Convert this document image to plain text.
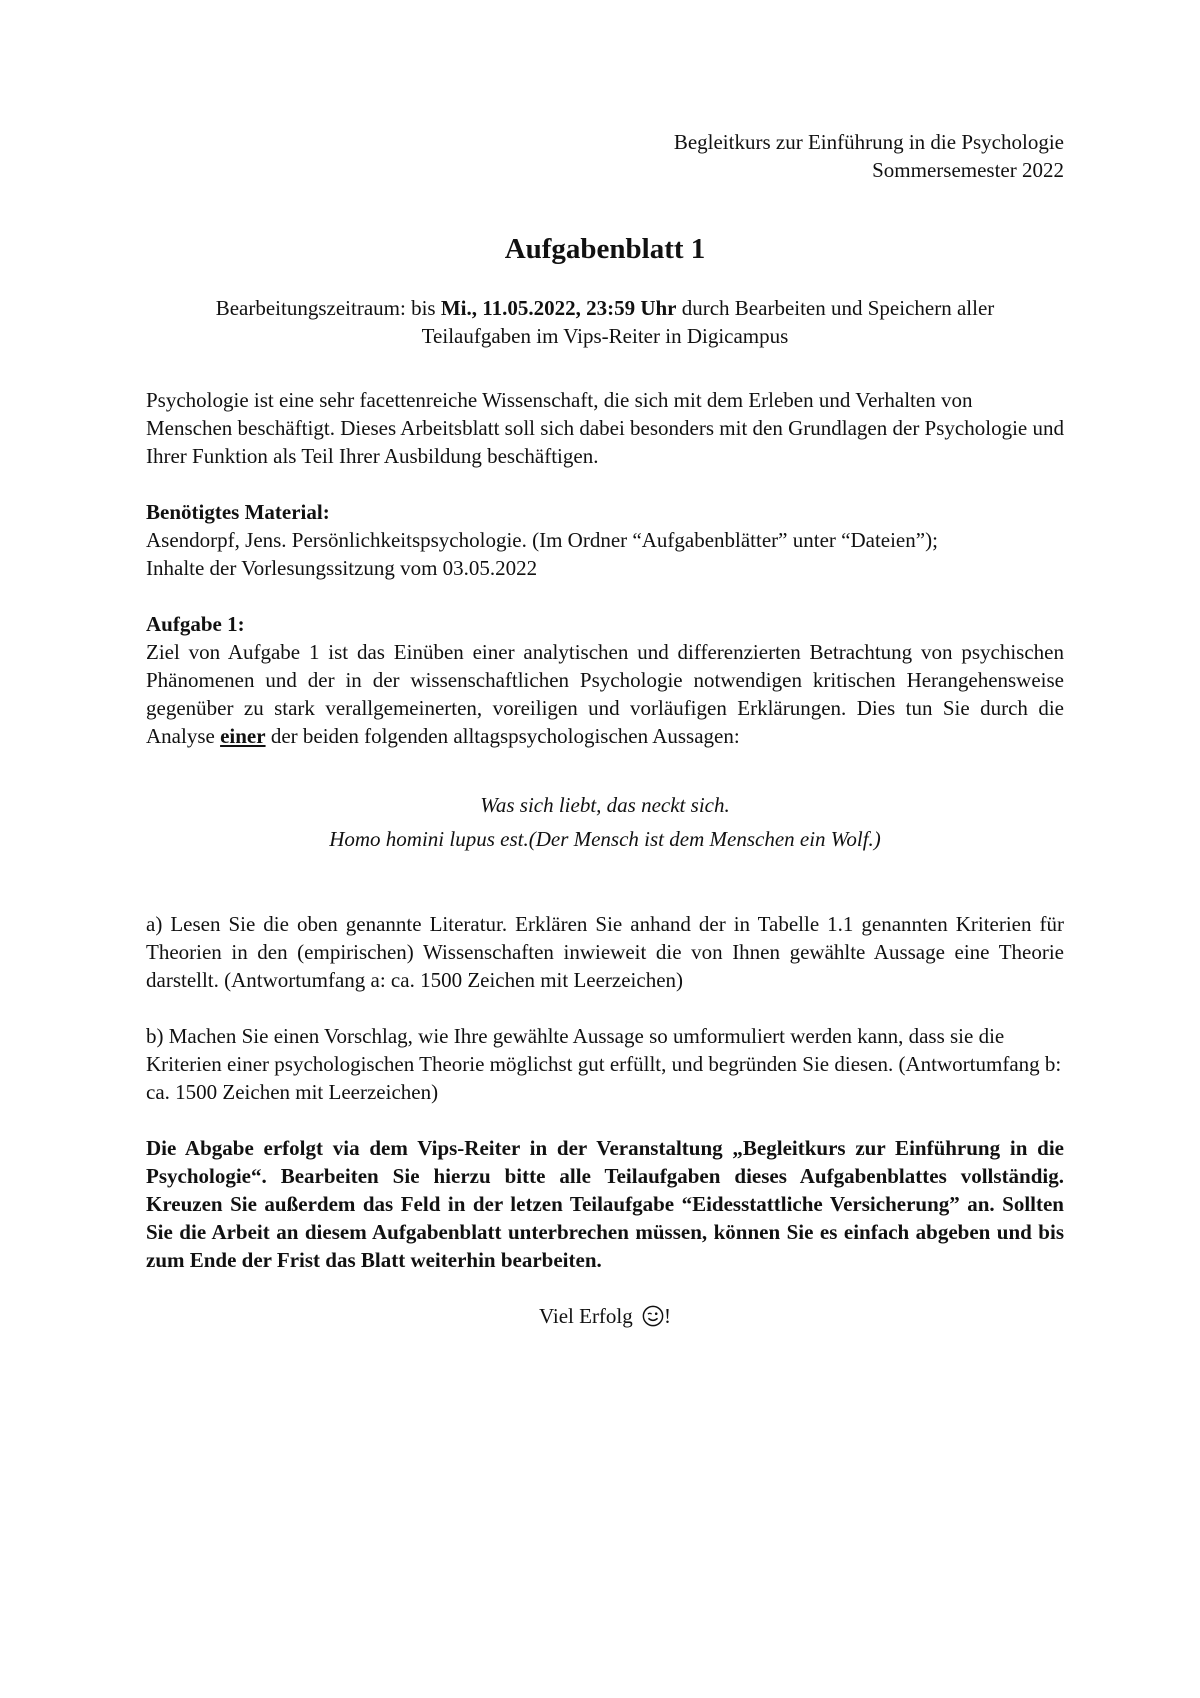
Begleitkurs zur Einführung in die Psychologie
Sommersemester 2022
Aufgabenblatt 1
Bearbeitungszeitraum: bis Mi., 11.05.2022, 23:59 Uhr durch Bearbeiten und Speichern aller
Teilaufgaben im Vips-Reiter in Digicampus

Psychologie ist eine sehr facettenreiche Wissenschaft, die sich mit dem Erleben und Verhalten von Menschen beschäftigt. Dieses Arbeitsblatt soll sich dabei besonders mit den Grundlagen der Psychologie und Ihrer Funktion als Teil Ihrer Ausbildung beschäftigen.

Benötigtes Material:

Asendorpf, Jens. Persönlichkeitspsychologie. (Im Ordner “Aufgabenblätter” unter “Dateien”);

Inhalte der Vorlesungssitzung vom 03.05.2022

Aufgabe 1:

Ziel von Aufgabe 1 ist das Einüben einer analytischen und differenzierten Betrachtung von psychischen Phänomenen und der in der wissenschaftlichen Psychologie notwendigen kritischen Herangehensweise gegenüber zu stark verallgemeinerten, voreiligen und vorläufigen Erklärungen. Dies tun Sie durch die Analyse einer der beiden folgenden alltagspsychologischen Aussagen:

Was sich liebt, das neckt sich.
Homo homini lupus est.(Der Mensch ist dem Menschen ein Wolf.)

a) Lesen Sie die oben genannte Literatur. Erklären Sie anhand der in Tabelle 1.1 genannten Kriterien für Theorien in den (empirischen) Wissenschaften inwieweit die von Ihnen gewählte Aussage eine Theorie darstellt. (Antwortumfang a: ca. 1500 Zeichen mit Leerzeichen)

b) Machen Sie einen Vorschlag, wie Ihre gewählte Aussage so umformuliert werden kann, dass sie die Kriterien einer psychologischen Theorie möglichst gut erfüllt, und begründen Sie diesen. (Antwortumfang b: ca. 1500 Zeichen mit Leerzeichen)

Die Abgabe erfolgt via dem Vips-Reiter in der Veranstaltung „Begleitkurs zur Einführung in die Psychologie“. Bearbeiten Sie hierzu bitte alle Teilaufgaben dieses Aufgabenblattes vollständig. Kreuzen Sie außerdem das Feld in der letzen Teilaufgabe “Eidesstattliche Versicherung” an. Sollten Sie die Arbeit an diesem Aufgabenblatt unterbrechen müssen, können Sie es einfach abgeben und bis zum Ende der Frist das Blatt weiterhin bearbeiten.

Viel Erfolg !
